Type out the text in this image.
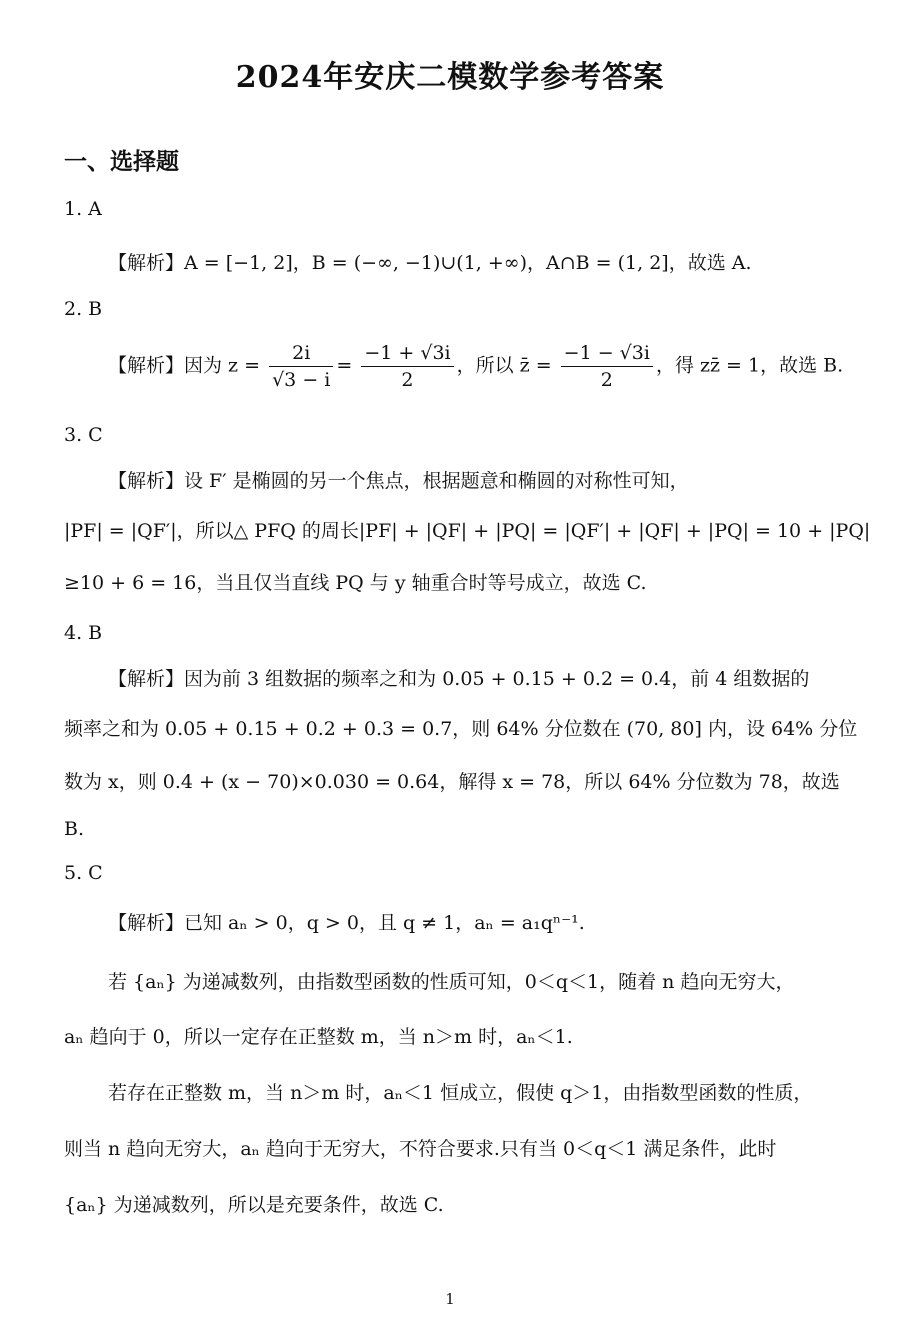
2024年安庆二模数学参考答案
一、选择题
1. A
【解析】A = [−1, 2]，B = (−∞, −1)∪(1, +∞)，A∩B = (1, 2]，故选 A.
2. B
【解析】因为 $z = \frac{2i}{√3 - i} = \frac{-1 + √3i}{2}$ ，所以 z̄ = $\frac{-1 - √3i}{2}$ ，得 zz̄ = 1，故选 B.
3. C
【解析】设 F′ 是椭圆的另一个焦点，根据题意和椭圆的对称性可知，
|PF| = |QF′|，所以△ PFQ 的周长|PF| + |QF| + |PQ| = |QF′| + |QF| + |PQ| = 10 + |PQ|
≥10 + 6 = 16，当且仅当直线 PQ 与 y 轴重合时等号成立，故选 C.
4. B
【解析】因为前 3 组数据的频率之和为 0.05 + 0.15 + 0.2 = 0.4，前 4 组数据的
频率之和为 0.05 + 0.15 + 0.2 + 0.3 = 0.7，则 64% 分位数在 (70, 80] 内，设 64% 分位
数为 x，则 0.4 + (x − 70)×0.030 = 0.64，解得 x = 78，所以 64% 分位数为 78，故选
B.
5. C
【解析】已知 aₙ > 0，q > 0，且 q ≠ 1，aₙ = a₁qⁿ⁻¹.
若 {aₙ} 为递减数列，由指数型函数的性质可知，0＜q＜1，随着 n 趋向无穷大，
aₙ 趋向于 0，所以一定存在正整数 m，当 n＞m 时，aₙ＜1.
若存在正整数 m，当 n＞m 时，aₙ＜1 恒成立，假使 q＞1，由指数型函数的性质，
则当 n 趋向无穷大，aₙ 趋向于无穷大，不符合要求.只有当 0＜q＜1 满足条件，此时
{aₙ} 为递减数列，所以是充要条件，故选 C.
1
